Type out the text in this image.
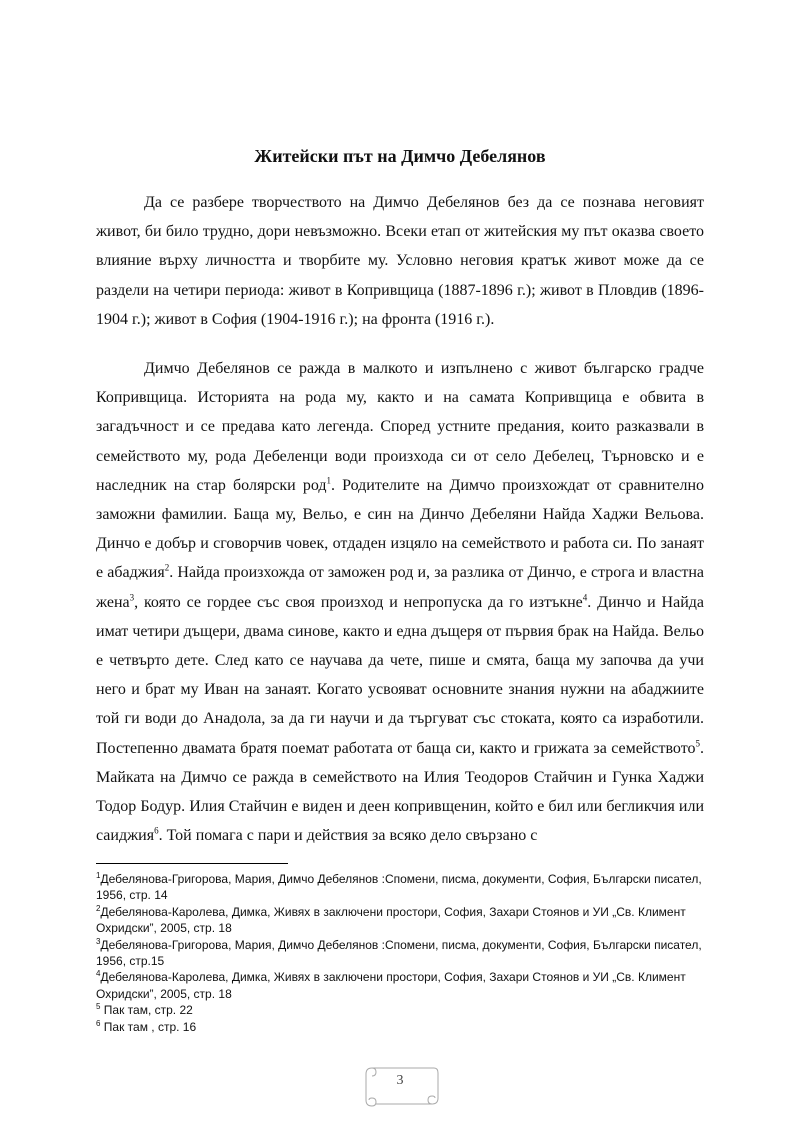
Житейски път на Димчо Дебелянов

Да се разбере творчеството на Димчо Дебелянов без да се познава неговият живот, би било трудно, дори невъзможно. Всеки етап от житейския му път оказва своето влияние върху личността и творбите му. Условно неговия кратък живот може да се раздели на четири периода: живот в Копривщица (1887-1896 г.); живот в Пловдив (1896-1904 г.); живот в София (1904-1916 г.); на фронта (1916 г.).

Димчо Дебелянов се ражда в малкото и изпълнено с живот българско градче Копривщица. Историята на рода му, както и на самата Копривщица е обвита в загадъчност и се предава като легенда. Според устните предания, които разказвали в семейството му, рода Дебеленци води произхода си от село Дебелец, Търновско и е наследник на стар болярски род$^1$. Родителите на Димчо произхождат от сравнително заможни фамилии. Баща му, Вельо, е син на Динчо Дебеляни Найда Хаджи Вельова. Динчо е добър и сговорчив човек, отдаден изцяло на семейството и работа си. По занаят е абаджия$^2$. Найда произхожда от заможен род и, за разлика от Динчо, е строга и властна жена$^3$, която се гордее със своя произход и непропуска да го изтъкне$^4$. Динчо и Найда имат четири дъщери, двама синове, както и една дъщеря от първия брак на Найда. Вельо е четвърто дете. След като се научава да чете, пише и смята, баща му започва да учи него и брат му Иван на занаят. Когато усвояват основните знания нужни на абаджиите той ги води до Анадола, за да ги научи и да търгуват със стоката, която са изработили. Постепенно двамата братя поемат работата от баща си, както и грижата за семейството$^5$. Майката на Димчо се ражда в семейството на Илия Теодоров Стайчин и Гунка Хаджи Тодор Бодур. Илия Стайчин е виден и деен копривщенин, който е бил или бегликчия или саиджия$^6$. Той помага с пари и действия за всяко дело свързано с

$^1$Дебелянова-Григорова, Мария, Димчо Дебелянов :Спомени, писма, документи, София, Български писател, 1956, стр. 14

$^2$Дебелянова-Каролева, Димка, Живях в заключени простори, София, Захари Стоянов и УИ „Св. Климент Охридски”, 2005, стр. 18

$^3$Дебелянова-Григорова, Мария, Димчо Дебелянов :Спомени, писма, документи, София, Български писател, 1956, стр.15

$^4$Дебелянова-Каролева, Димка, Живях в заключени простори, София, Захари Стоянов и УИ „Св. Климент Охридски”, 2005, стр. 18

$^5$ Пак там, стр. 22

$^6$ Пак там , стр. 16

3
